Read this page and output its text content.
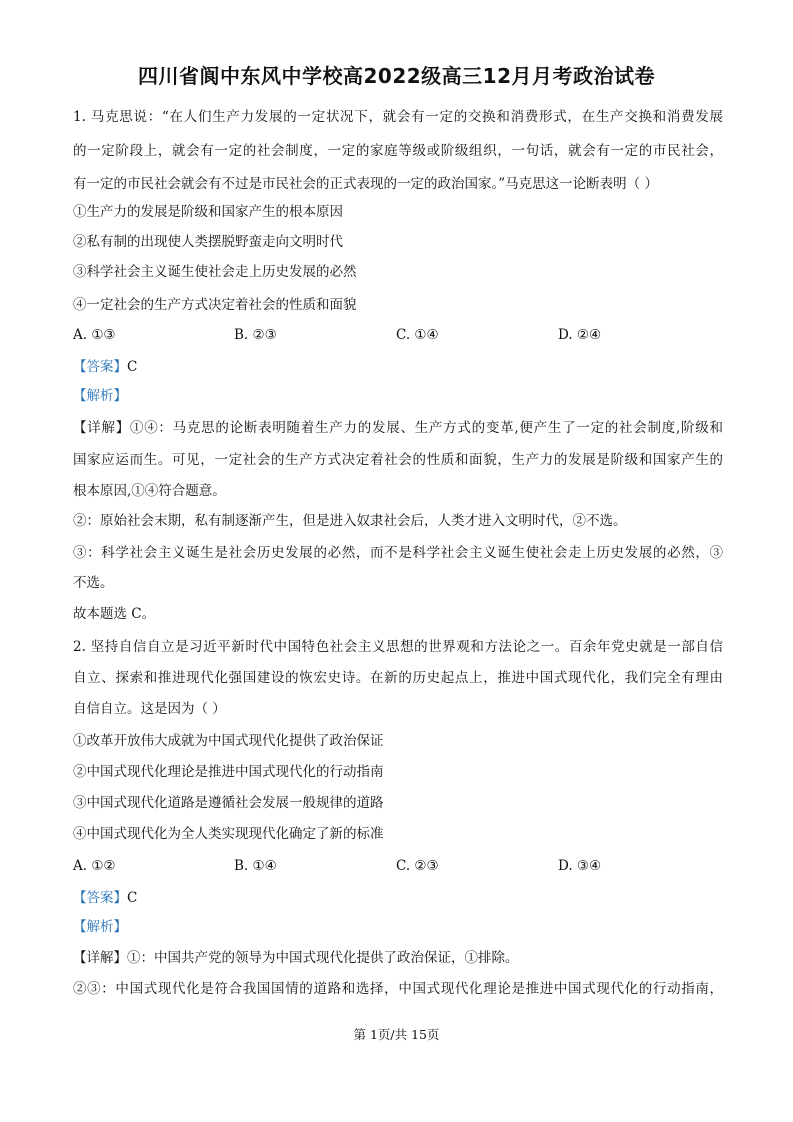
四川省阆中东风中学校高2022级高三12月月考政治试卷
1. 马克思说：“在人们生产力发展的一定状况下，就会有一定的交换和消费形式，在生产交换和消费发展
的一定阶段上，就会有一定的社会制度，一定的家庭等级或阶级组织，一句话，就会有一定的市民社会，
有一定的市民社会就会有不过是市民社会的正式表现的一定的政治国家。”马克思这一论断表明（ ）
①生产力的发展是阶级和国家产生的根本原因
②私有制的出现使人类摆脱野蛮走向文明时代
③科学社会主义诞生使社会走上历史发展的必然
④一定社会的生产方式决定着社会的性质和面貌
A. ①③	B. ②③	C. ①④	D. ②④
【答案】C
【解析】
【详解】①④：马克思的论断表明随着生产力的发展、生产方式的变革,便产生了一定的社会制度,阶级和
国家应运而生。可见，一定社会的生产方式决定着社会的性质和面貌，生产力的发展是阶级和国家产生的
根本原因,①④符合题意。
②：原始社会末期，私有制逐渐产生，但是进入奴隶社会后，人类才进入文明时代，②不选。
③：科学社会主义诞生是社会历史发展的必然，而不是科学社会主义诞生使社会走上历史发展的必然，③
不选。
故本题选 C。
2. 坚持自信自立是习近平新时代中国特色社会主义思想的世界观和方法论之一。百余年党史就是一部自信
自立、探索和推进现代化强国建设的恢宏史诗。在新的历史起点上，推进中国式现代化，我们完全有理由
自信自立。这是因为（ ）
①改革开放伟大成就为中国式现代化提供了政治保证
②中国式现代化理论是推进中国式现代化的行动指南
③中国式现代化道路是遵循社会发展一般规律的道路
④中国式现代化为全人类实现现代化确定了新的标准
A. ①②	B. ①④	C. ②③	D. ③④
【答案】C
【解析】
【详解】①：中国共产党的领导为中国式现代化提供了政治保证，①排除。
②③：中国式现代化是符合我国国情的道路和选择，中国式现代化理论是推进中国式现代化的行动指南，
第 1页/共 15页
